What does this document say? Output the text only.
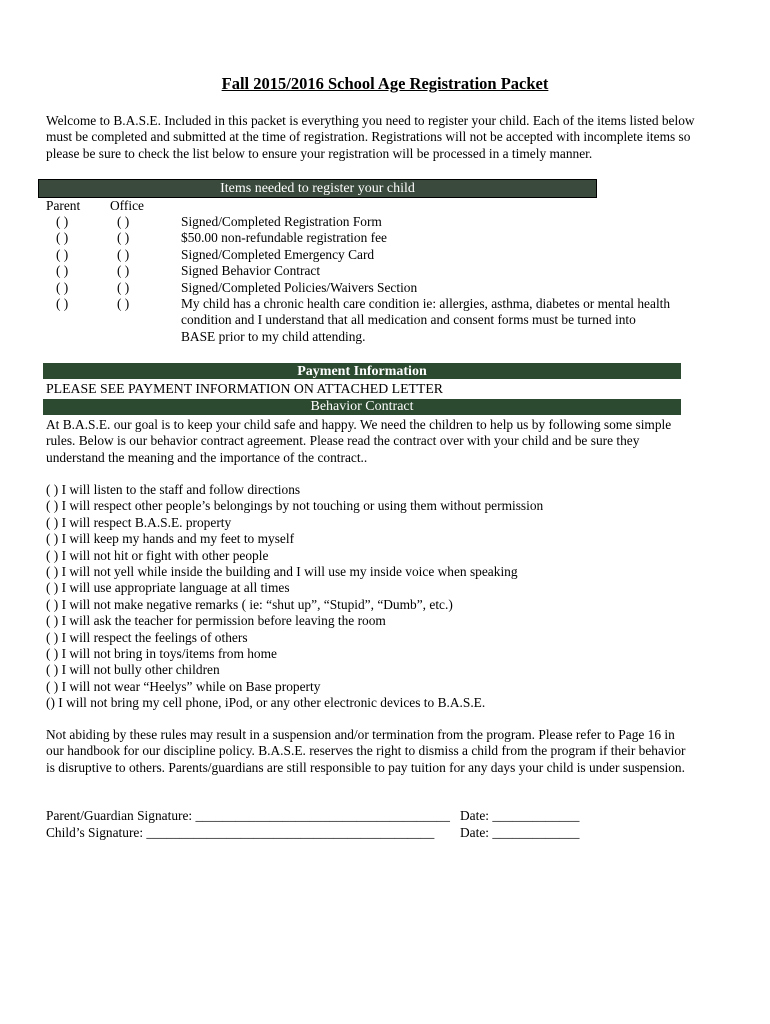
Fall 2015/2016 School Age Registration Packet
Welcome to B.A.S.E. Included in this packet is everything you need to register your child. Each of the items listed below must be completed and submitted at the time of registration. Registrations will not be accepted with incomplete items so please be sure to check the list below to ensure your registration will be processed in a timely manner.
Items needed to register your child
Parent Office
( )	( )	Signed/Completed Registration Form
( )	( )	$50.00 non-refundable registration fee
( )	( )	Signed/Completed Emergency Card
( )	( )	Signed Behavior Contract
( )	( )	Signed/Completed Policies/Waivers Section
( )	( )	My child has a chronic health care condition ie: allergies, asthma, diabetes or mental health condition and I understand that all medication and consent forms must be turned into BASE prior to my child attending.
Payment Information
PLEASE SEE PAYMENT INFORMATION ON ATTACHED LETTER
Behavior Contract
At B.A.S.E. our goal is to keep your child safe and happy. We need the children to help us by following some simple rules. Below is our behavior contract agreement. Please read the contract over with your child and be sure they understand the meaning and the importance of the contract..
( ) I will listen to the staff and follow directions
( ) I will respect other people’s belongings by not touching or using them without permission
( ) I will respect B.A.S.E. property
( ) I will keep my hands and my feet to myself
( ) I will not hit or fight with other people
( ) I will not yell while inside the building and I will use my inside voice when speaking
( ) I will use appropriate language at all times
( ) I will not make negative remarks ( ie: “shut up”, “Stupid”, “Dumb”, etc.)
( ) I will ask the teacher for permission before leaving the room
( ) I will respect the feelings of others
( ) I will not bring in toys/items from home
( ) I will not bully other children
( ) I will not wear “Heelys” while on Base property
() I will not bring my cell phone, iPod, or any other electronic devices to B.A.S.E.
Not abiding by these rules may result in a suspension and/or termination from the program. Please refer to Page 16 in our handbook for our discipline policy. B.A.S.E. reserves the right to dismiss a child from the program if their behavior is disruptive to others. Parents/guardians are still responsible to pay tuition for any days your child is under suspension.
Parent/Guardian Signature: ______________________________________ Date: _____________
Child’s Signature: ___________________________________________ Date: _____________
